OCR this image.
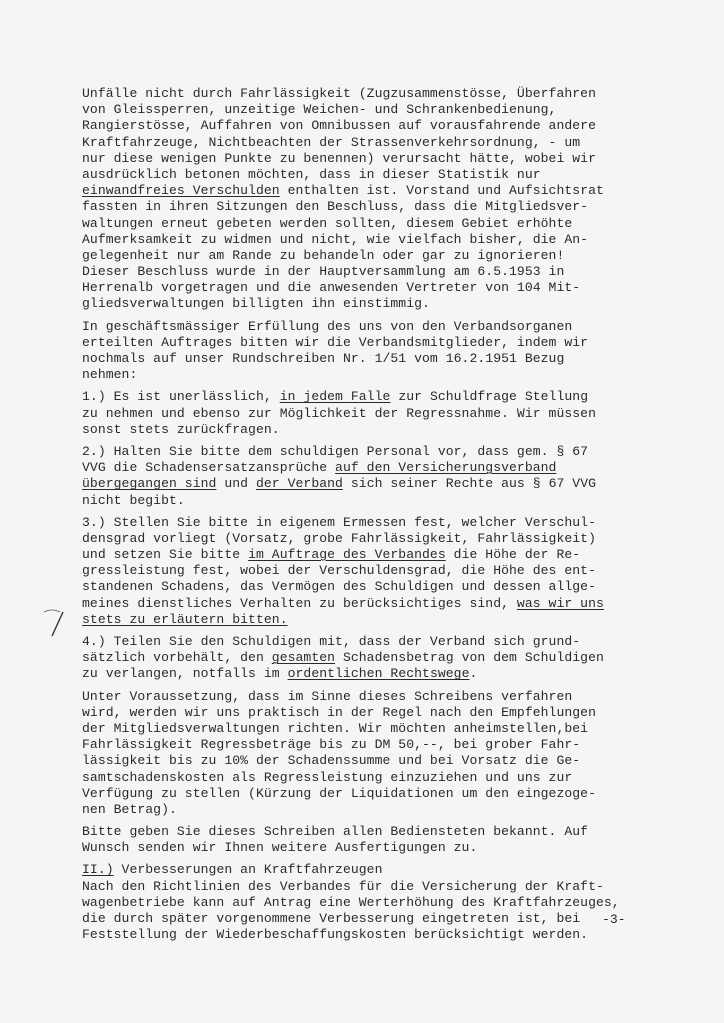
Unfälle nicht durch Fahrlässigkeit (Zugzusammenstösse, Überfahren
von Gleissperren, unzeitige Weichen- und Schrankenbedienung,
Rangierstösse, Auffahren von Omnibussen auf vorausfahrende andere
Kraftfahrzeuge, Nichtbeachten der Strassenverkehrsordnung, - um
nur diese wenigen Punkte zu benennen) verursacht hätte, wobei wir
ausdrücklich betonen möchten, dass in dieser Statistik nur
einwandfreies Verschulden enthalten ist. Vorstand und Aufsichtsrat
fassten in ihren Sitzungen den Beschluss, dass die Mitgliedsver-
waltungen erneut gebeten werden sollten, diesem Gebiet erhöhte
Aufmerksamkeit zu widmen und nicht, wie vielfach bisher, die An-
gelegenheit nur am Rande zu behandeln oder gar zu ignorieren!
Dieser Beschluss wurde in der Hauptversammlung am 6.5.1953 in
Herrenalb vorgetragen und die anwesenden Vertreter von 104 Mit-
gliedsverwaltungen billigten ihn einstimmig.
In geschäftsmässiger Erfüllung des uns von den Verbandsorganen
erteilten Auftrages bitten wir die Verbandsmitglieder, indem wir
nochmals auf unser Rundschreiben Nr. 1/51 vom 16.2.1951 Bezug
nehmen:
1.) Es ist unerlässlich, in jedem Falle zur Schuldfrage Stellung
zu nehmen und ebenso zur Möglichkeit der Regressnahme. Wir müssen
sonst stets zurückfragen.
2.) Halten Sie bitte dem schuldigen Personal vor, dass gem. § 67
VVG die Schadensersatzansprüche auf den Versicherungsverband
übergegangen sind und der Verband sich seiner Rechte aus § 67 VVG
nicht begibt.
3.) Stellen Sie bitte in eigenem Ermessen fest, welcher Verschul-
densgrad vorliegt (Vorsatz, grobe Fahrlässigkeit, Fahrlässigkeit)
und setzen Sie bitte im Auftrage des Verbandes die Höhe der Re-
gressleistung fest, wobei der Verschuldensgrad, die Höhe des ent-
standenen Schadens, das Vermögen des Schuldigen und dessen allge-
meines dienstliches Verhalten zu berücksichtiges sind, was wir uns
stets zu erläutern bitten.
4.) Teilen Sie den Schuldigen mit, dass der Verband sich grund-
sätzlich vorbehält, den gesamten Schadensbetrag von dem Schuldigen
zu verlangen, notfalls im ordentlichen Rechtswege.
Unter Voraussetzung, dass im Sinne dieses Schreibens verfahren
wird, werden wir uns praktisch in der Regel nach den Empfehlungen
der Mitgliedsverwaltungen richten. Wir möchten anheimstellen,bei
Fahrlässigkeit Regressbeträge bis zu DM 50,--, bei grober Fahr-
lässigkeit bis zu 10% der Schadenssumme und bei Vorsatz die Ge-
samtschadenskosten als Regressleistung einzuziehen und uns zur
Verfügung zu stellen (Kürzung der Liquidationen um den eingezoge-
nen Betrag).
Bitte geben Sie dieses Schreiben allen Bediensteten bekannt. Auf
Wunsch senden wir Ihnen weitere Ausfertigungen zu.
II.) Verbesserungen an Kraftfahrzeugen
Nach den Richtlinien des Verbandes für die Versicherung der Kraft-
wagenbetriebe kann auf Antrag eine Werterhöhung des Kraftfahrzeuges,
die durch später vorgenommene Verbesserung eingetreten ist, bei
Feststellung der Wiederbeschaffungskosten berücksichtigt werden.
-3-
